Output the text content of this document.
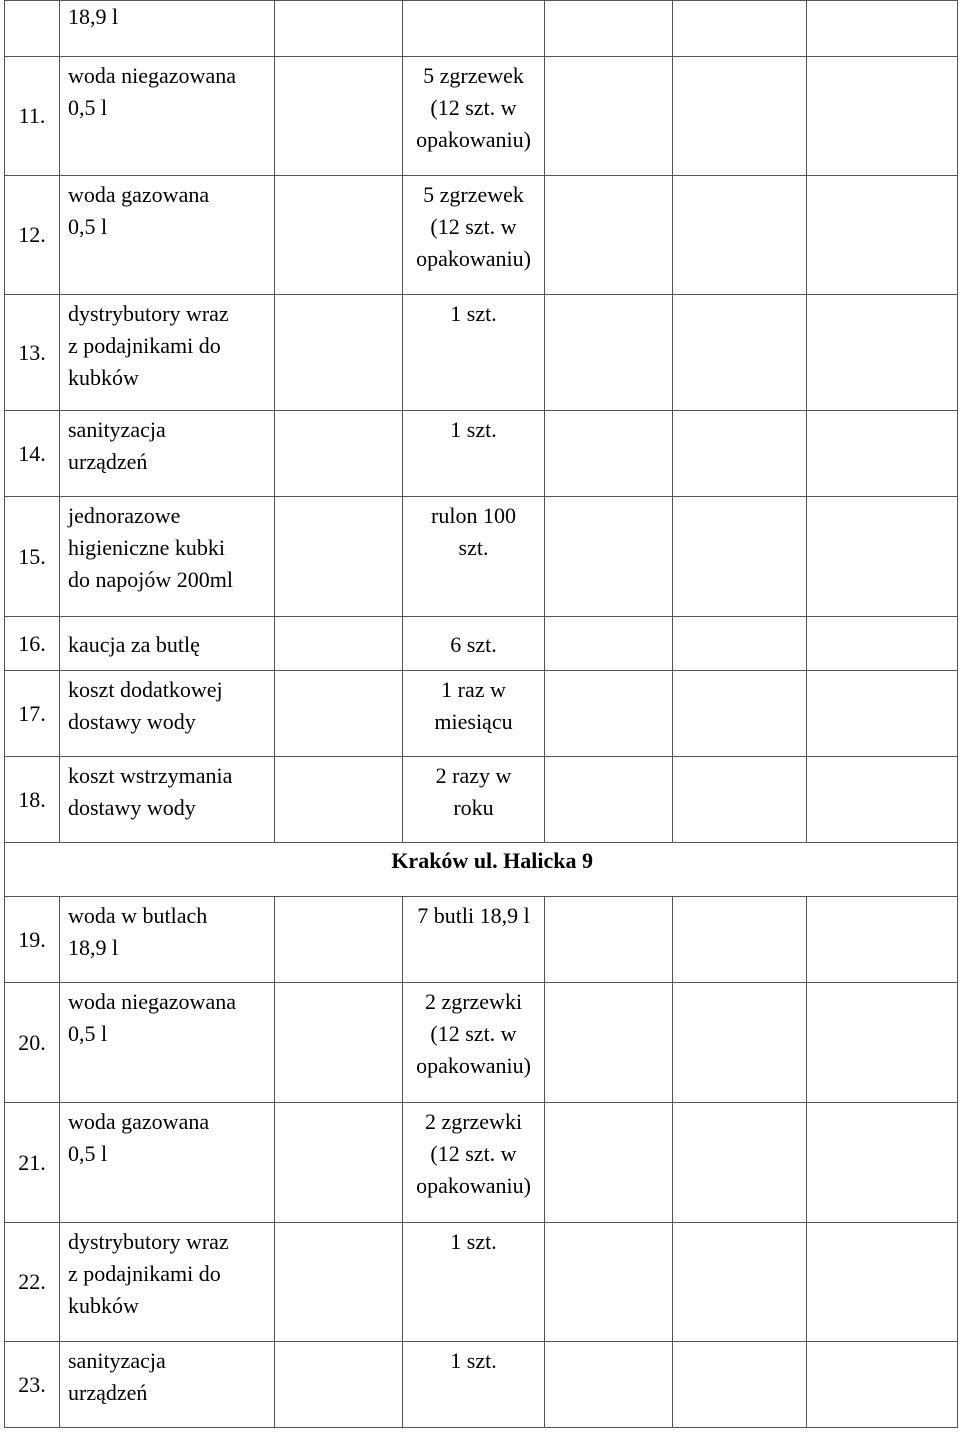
	18,9 l					

11.	woda niegazowana
0,5 l		5 zgrzewek
(12 szt. w
opakowaniu)			

12.	woda gazowana
0,5 l		5 zgrzewek
(12 szt. w
opakowaniu)			

13.	dystrybutory wraz
z podajnikami do
kubków		1 szt.			

14.	sanityzacja
urządzeń		1 szt.			

15.	jednorazowe
higieniczne kubki
do napojów 200ml		rulon 100
szt.			

16.	kaucja za butlę		6 szt.			

17.	koszt dodatkowej
dostawy wody		1 raz w
miesiącu			

18.	koszt wstrzymania
dostawy wody		2 razy w
roku			

Kraków ul. Halicka 9						
19.	woda w butlach
18,9 l		7 butli 18,9 l			

20.	woda niegazowana
0,5 l		2 zgrzewki
(12 szt. w
opakowaniu)			

21.	woda gazowana
0,5 l		2 zgrzewki
(12 szt. w
opakowaniu)			

22.	dystrybutory wraz
z podajnikami do
kubków		1 szt.			

23.	sanityzacja
urządzeń		1 szt.			
